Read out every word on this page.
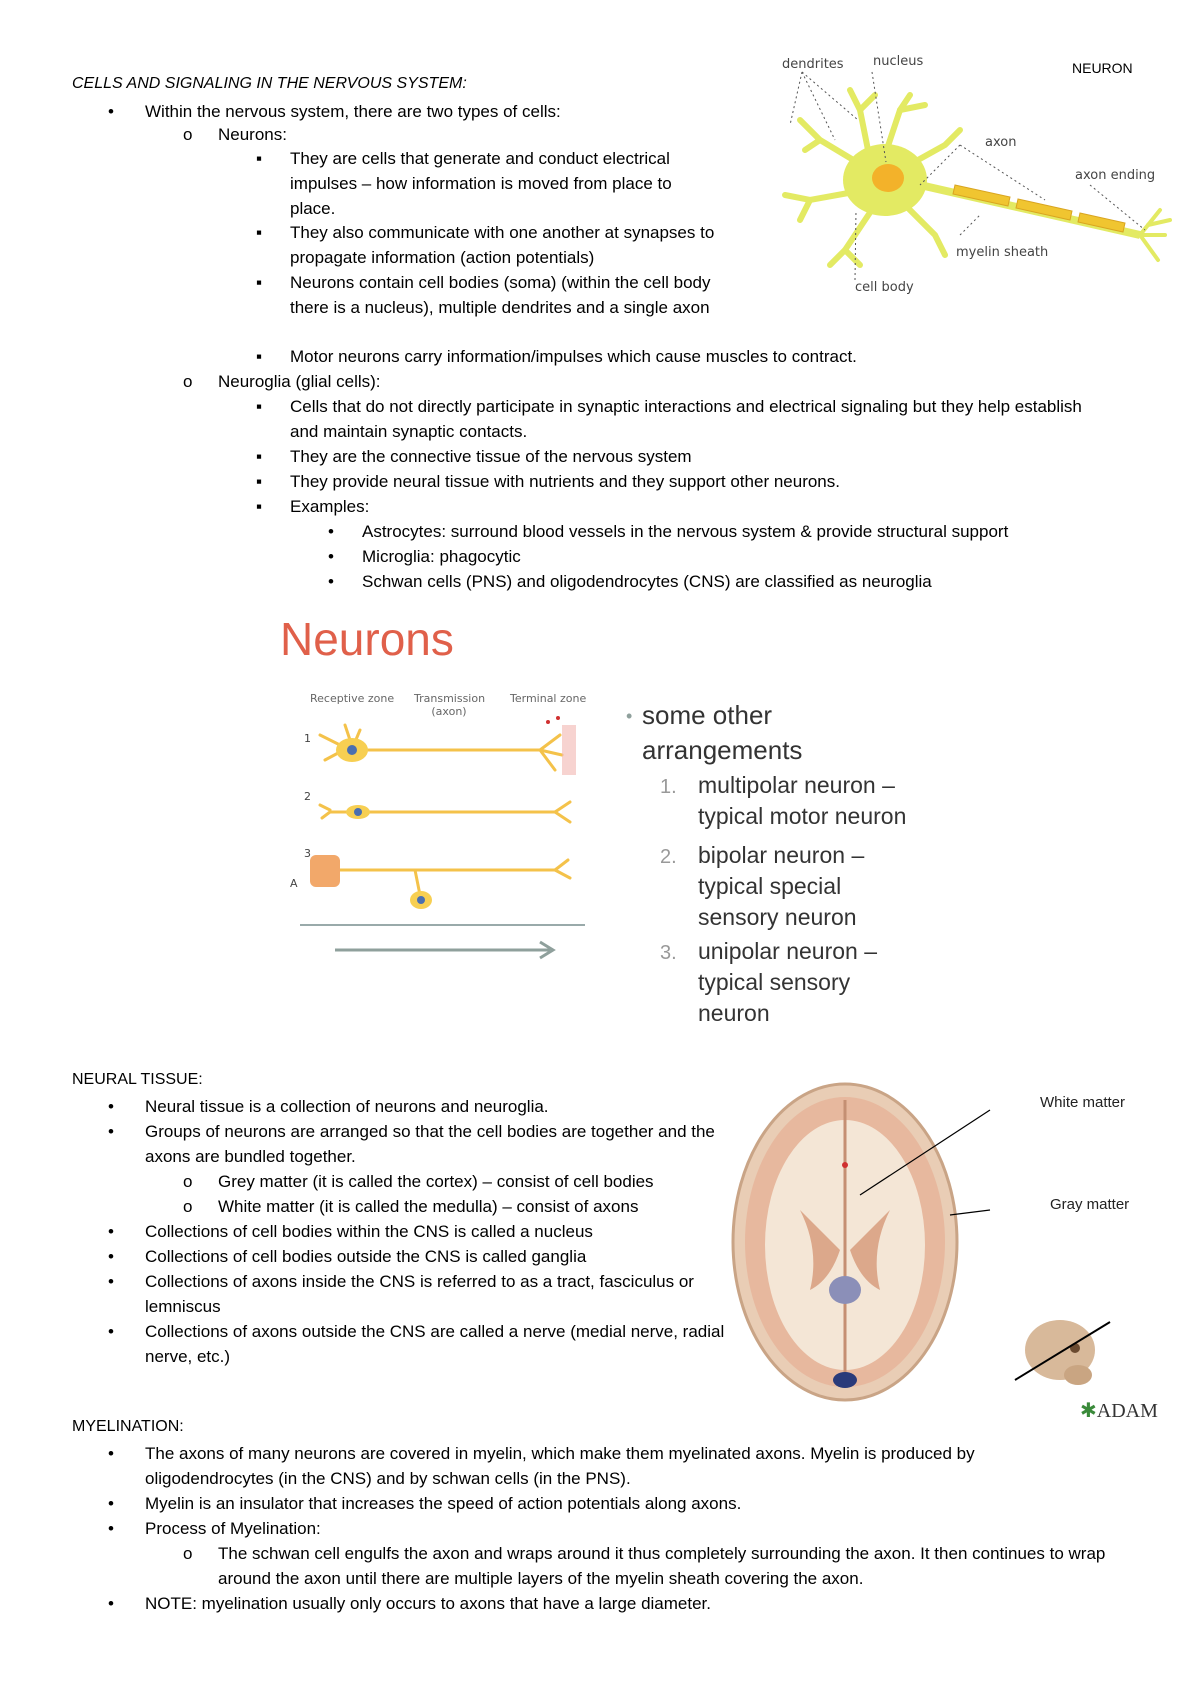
CELLS AND SIGNALING IN THE NERVOUS SYSTEM:
• Within the nervous system, there are two types of cells:
o Neurons:
▪ They are cells that generate and conduct electrical impulses – how information is moved from place to place.
▪ They also communicate with one another at synapses to propagate information (action potentials)
▪ Neurons contain cell bodies (soma) (within the cell body there is a nucleus), multiple dendrites and a single axon
▪ Motor neurons carry information/impulses which cause muscles to contract.
o Neuroglia (glial cells):
▪ Cells that do not directly participate in synaptic interactions and electrical signaling but they help establish and maintain synaptic contacts.
▪ They are the connective tissue of the nervous system
▪ They provide neural tissue with nutrients and they support other neurons.
▪ Examples:
• Astrocytes: surround blood vessels in the nervous system & provide structural support
• Microglia: phagocytic
• Schwan cells (PNS) and oligodendrocytes (CNS) are classified as neuroglia
dendrites nucleus	NEURON
axon
axon ending
myelin sheath
cell body
Neurons
Receptive zone Transmission (axon)
Terminal zone
1
2
3
A
• some other arrangements
1. multipolar neuron – typical motor neuron
2. bipolar neuron – typical special sensory neuron
3. unipolar neuron – typical sensory neuron
NEURAL TISSUE:
• Neural tissue is a collection of neurons and neuroglia.
• Groups of neurons are arranged so that the cell bodies are together and the axons are bundled together.
o Grey matter (it is called the cortex) – consist of cell bodies
o White matter (it is called the medulla) – consist of axons
• Collections of cell bodies within the CNS is called a nucleus
• Collections of cell bodies outside the CNS is called ganglia
• Collections of axons inside the CNS is referred to as a tract, fasciculus or lemniscus
• Collections of axons outside the CNS are called a nerve (medial nerve, radial nerve, etc.)
White matter
Gray matter
✱ADAM
MYELINATION:
• The axons of many neurons are covered in myelin, which make them myelinated axons. Myelin is produced by oligodendrocytes (in the CNS) and by schwan cells (in the PNS).
• Myelin is an insulator that increases the speed of action potentials along axons.
• Process of Myelination:
o The schwan cell engulfs the axon and wraps around it thus completely surrounding the axon. It then continues to wrap around the axon until there are multiple layers of the myelin sheath covering the axon.
• NOTE: myelination usually only occurs to axons that have a large diameter.
